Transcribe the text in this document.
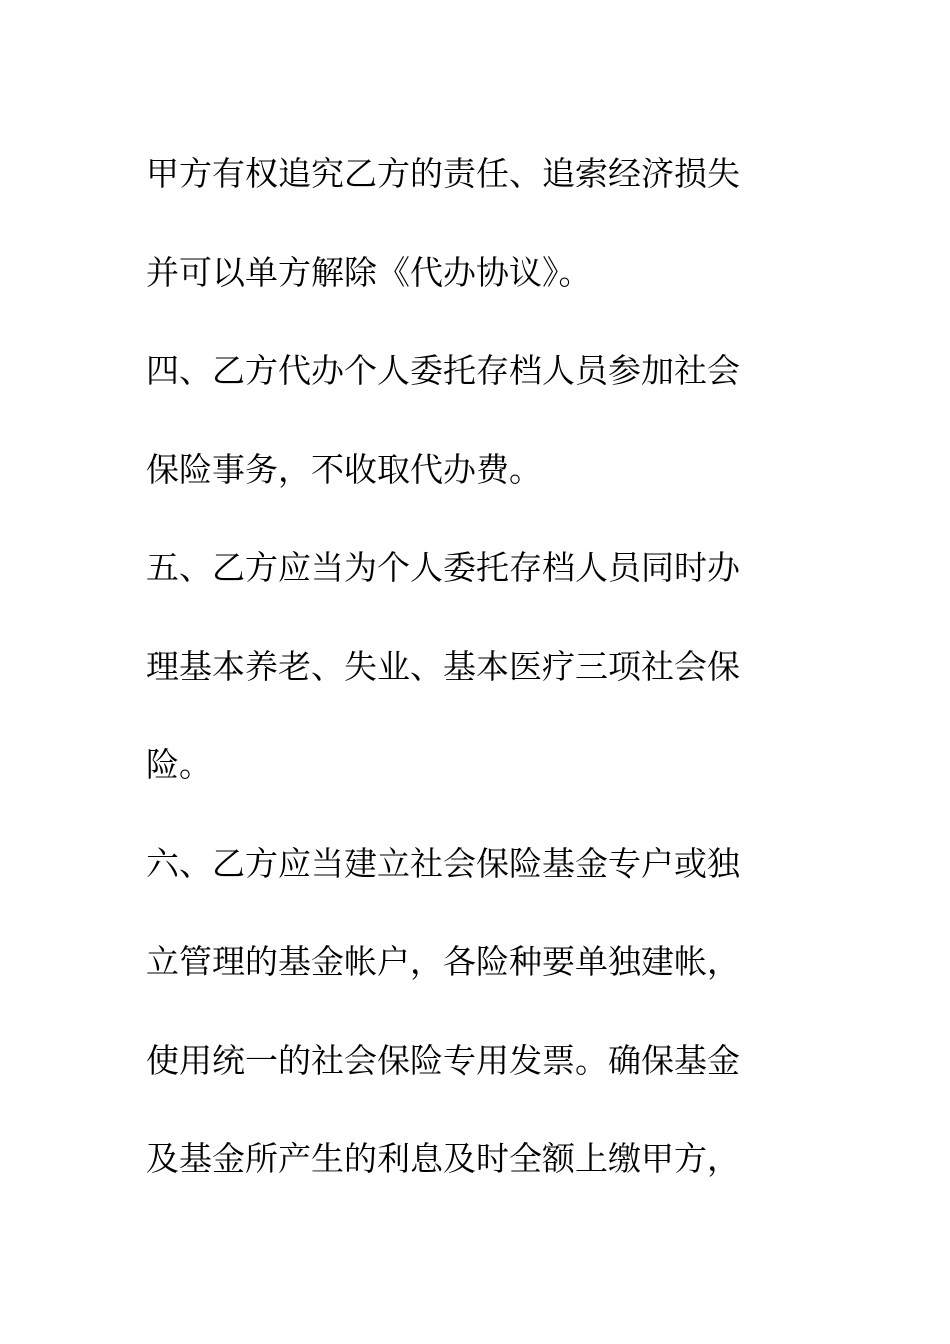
甲方有权追究乙方的责任、追索经济损失
并可以单方解除《代办协议》。
四、乙方代办个人委托存档人员参加社会
保险事务，不收取代办费。
五、乙方应当为个人委托存档人员同时办
理基本养老、失业、基本医疗三项社会保
险。
六、乙方应当建立社会保险基金专户或独
立管理的基金帐户，各险种要单独建帐，
使用统一的社会保险专用发票。确保基金
及基金所产生的利息及时全额上缴甲方，
